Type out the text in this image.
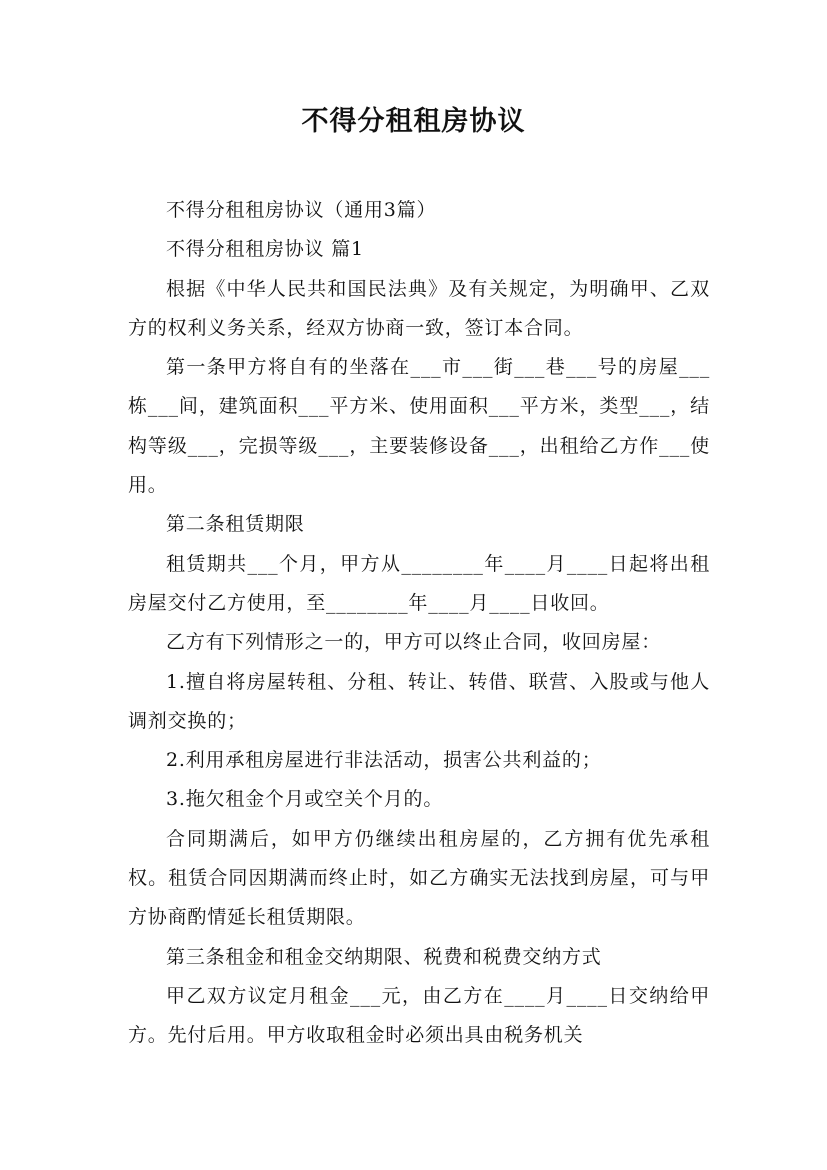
不得分租租房协议

不得分租租房协议（通用3篇）

不得分租租房协议 篇1

根据《中华人民共和国民法典》及有关规定，为明确甲、乙双方的权利义务关系，经双方协商一致，签订本合同。

第一条甲方将自有的坐落在___市___街___巷___号的房屋___栋___间，建筑面积___平方米、使用面积___平方米，类型___，结构等级___，完损等级___，主要装修设备___，出租给乙方作___使用。

第二条租赁期限

租赁期共___个月，甲方从________年____月____日起将出租房屋交付乙方使用，至________年____月____日收回。

乙方有下列情形之一的，甲方可以终止合同，收回房屋：

1.擅自将房屋转租、分租、转让、转借、联营、入股或与他人调剂交换的；

2.利用承租房屋进行非法活动，损害公共利益的；

3.拖欠租金个月或空关个月的。

合同期满后，如甲方仍继续出租房屋的，乙方拥有优先承租权。租赁合同因期满而终止时，如乙方确实无法找到房屋，可与甲方协商酌情延长租赁期限。

第三条租金和租金交纳期限、税费和税费交纳方式

甲乙双方议定月租金___元，由乙方在____月____日交纳给甲方。先付后用。甲方收取租金时必须出具由税务机关
